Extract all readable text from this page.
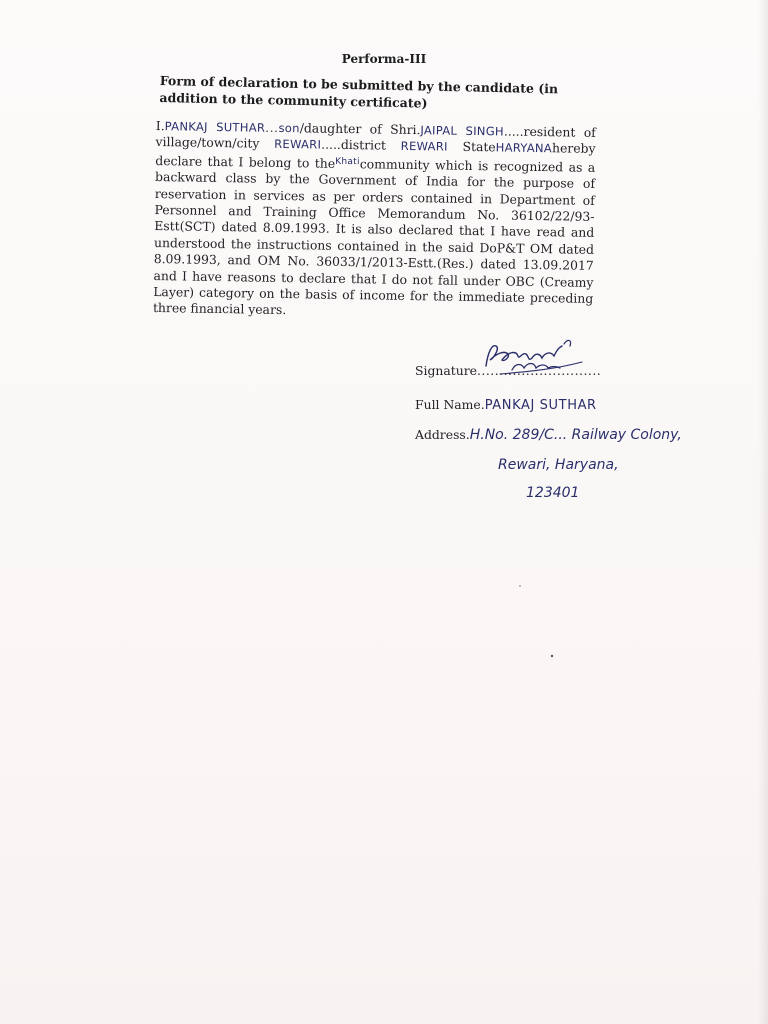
Performa-III
Form of declaration to be submitted by the candidate (in addition to the community certificate)
I.PANKAJ SUTHAR...son/daughter of Shri.JAIPAL SINGH.....resident of village/town/city REWARI.....district REWARI StateHARYANAhereby declare that I belong to the$^{Khati}$community which is recognized as a backward class by the Government of India for the purpose of reservation in services as per orders contained in Department of Personnel and Training Office Memorandum No. 36102/22/93-Estt(SCT) dated 8.09.1993. It is also declared that I have read and understood the instructions contained in the said DoP&T OM dated 8.09.1993, and OM No. 36033/1/2013-Estt.(Res.) dated 13.09.2017 and I have reasons to declare that I do not fall under OBC (Creamy Layer) category on the basis of income for the immediate preceding three financial years.
Signature............................
Full Name.PANKAJ SUTHAR
Address.H.No. 289/C... Railway Colony,
Rewari, Haryana,
123401
